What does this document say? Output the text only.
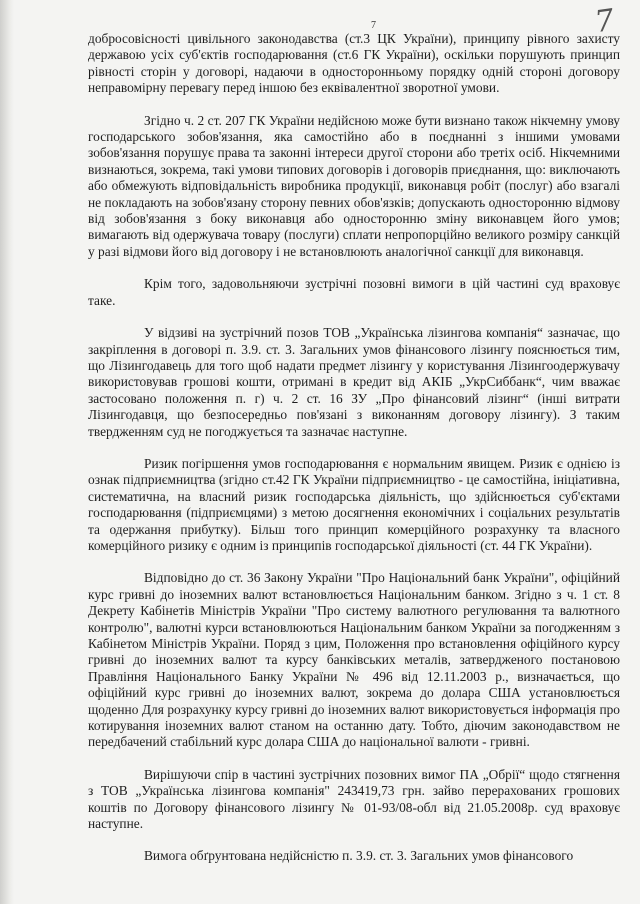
7	7

добросовісності цивільного законодавства (ст.3 ЦК України), принципу рівного захисту державою усіх суб'єктів господарювання (ст.6 ГК України), оскільки порушують принцип рівності сторін у договорі, надаючи в односторонньому порядку одній стороні договору неправомірну перевагу перед іншою без еквівалентної зворотної умови.

Згідно ч. 2 ст. 207 ГК України недійсною може бути визнано також нікчемну умову господарського зобов'язання, яка самостійно або в поєднанні з іншими умовами зобов'язання порушує права та законні інтереси другої сторони або третіх осіб. Нікчемними визнаються, зокрема, такі умови типових договорів і договорів приєднання, що: виключають або обмежують відповідальність виробника продукції, виконавця робіт (послуг) або взагалі не покладають на зобов'язану сторону певних обов'язків; допускають односторонню відмову від зобов'язання з боку виконавця або односторонню зміну виконавцем його умов; вимагають від одержувача товару (послуги) сплати непропорційно великого розміру санкцій у разі відмови його від договору і не встановлюють аналогічної санкції для виконавця.

Крім того, задовольняючи зустрічні позовні вимоги в цій частині суд враховує таке.

У відзиві на зустрічний позов ТОВ „Українська лізингова компанія“ зазначає, що закріплення в договорі п. 3.9. ст. 3. Загальних умов фінансового лізингу пояснюється тим, що Лізингодавець для того щоб надати предмет лізингу у користування Лізингоодержувачу використовував грошові кошти, отримані в кредит від АКІБ „УкрСиббанк“, чим вважає застосовано положення п. г) ч. 2 ст. 16 ЗУ „Про фінансовий лізинг“ (інші витрати Лізингодавця, що безпосередньо пов'язані з виконанням договору лізингу). З таким твердженням суд не погоджується та зазначає наступне.

Ризик погіршення умов господарювання є нормальним явищем. Ризик є однією із ознак підприємництва (згідно ст.42 ГК України підприємництво - це самостійна, ініціативна, систематична, на власний ризик господарська діяльність, що здійснюється суб'єктами господарювання (підприємцями) з метою досягнення економічних і соціальних результатів та одержання прибутку). Більш того принцип комерційного розрахунку та власного комерційного ризику є одним із принципів господарської діяльності (ст. 44 ГК України).

Відповідно до ст. 36 Закону України "Про Національний банк України", офіційний курс гривні до іноземних валют встановлюється Національним банком. Згідно з ч. 1 ст. 8 Декрету Кабінетів Міністрів України "Про систему валютного регулювання та валютного контролю", валютні курси встановлюються Національним банком України за погодженням з Кабінетом Міністрів України. Поряд з цим, Положення про встановлення офіційного курсу гривні до іноземних валют та курсу банківських металів, затвердженого постановою Правління Національного Банку України № 496 від 12.11.2003 р., визначається, що офіційний курс гривні до іноземних валют, зокрема до долара США установлюється щоденно Для розрахунку курсу гривні до іноземних валют використовується інформація про котирування іноземних валют станом на останню дату. Тобто, діючим законодавством не передбачений стабільний курс долара США до національної валюти - гривні.

Вирішуючи спір в частині зустрічних позовних вимог ПА „Обрії“ щодо стягнення з ТОВ „Українська лізингова компанія" 243419,73 грн. зайво перерахованих грошових коштів по Договору фінансового лізингу № 01-93/08-обл від 21.05.2008р. суд враховує наступне.

Вимога обґрунтована недійсністю п. 3.9. ст. 3. Загальних умов фінансового
